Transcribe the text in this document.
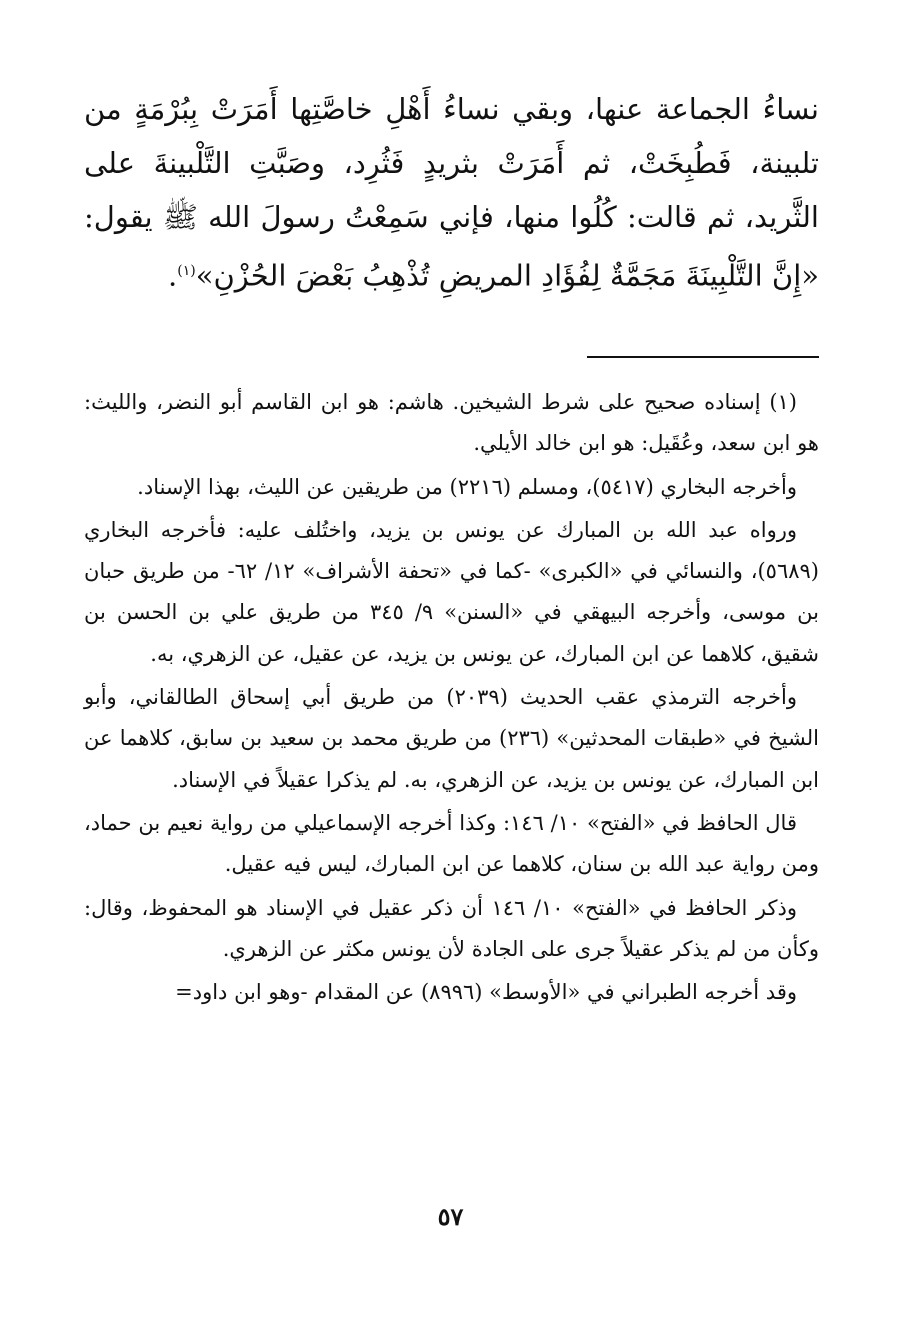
نساءُ الجماعة عنها، وبقي نساءُ أَهْلِ خاصَّتِها أَمَرَتْ بِبُرْمَةٍ من تلبينة، فَطُبِخَتْ، ثم أَمَرَتْ بثريدٍ فَثُرِد، وصَبَّتِ التَّلْبينةَ على الثَّريد، ثم قالت: كُلُوا منها، فإني سَمِعْتُ رسولَ الله ﷺ يقول: «إِنَّ التَّلْبِينَةَ مَجَمَّةٌ لِفُؤَادِ المريضِ تُذْهِبُ بَعْضَ الحُزْنِ»$^{(١)}$.

(١) إسناده صحيح على شرط الشيخين. هاشم: هو ابن القاسم أبو النضر، والليث: هو ابن سعد، وعُقَيل: هو ابن خالد الأيلي.

وأخرجه البخاري (٥٤١٧)، ومسلم (٢٢١٦) من طريقين عن الليث، بهذا الإسناد.

ورواه عبد الله بن المبارك عن يونس بن يزيد، واختُلف عليه: فأخرجه البخاري (٥٦٨٩)، والنسائي في «الكبرى» -كما في «تحفة الأشراف» ١٢/ ٦٢- من طريق حبان بن موسى، وأخرجه البيهقي في «السنن» ٩/ ٣٤٥ من طريق علي بن الحسن بن شقيق، كلاهما عن ابن المبارك، عن يونس بن يزيد، عن عقيل، عن الزهري، به.

وأخرجه الترمذي عقب الحديث (٢٠٣٩) من طريق أبي إسحاق الطالقاني، وأبو الشيخ في «طبقات المحدثين» (٢٣٦) من طريق محمد بن سعيد بن سابق، كلاهما عن ابن المبارك، عن يونس بن يزيد، عن الزهري، به. لم يذكرا عقيلاً في الإسناد.

قال الحافظ في «الفتح» ١٠/ ١٤٦: وكذا أخرجه الإسماعيلي من رواية نعيم بن حماد، ومن رواية عبد الله بن سنان، كلاهما عن ابن المبارك، ليس فيه عقيل.

وذكر الحافظ في «الفتح» ١٠/ ١٤٦ أن ذكر عقيل في الإسناد هو المحفوظ، وقال: وكأن من لم يذكر عقيلاً جرى على الجادة لأن يونس مكثر عن الزهري.

وقد أخرجه الطبراني في «الأوسط» (٨٩٩٦) عن المقدام -وهو ابن داود=

٥٧
